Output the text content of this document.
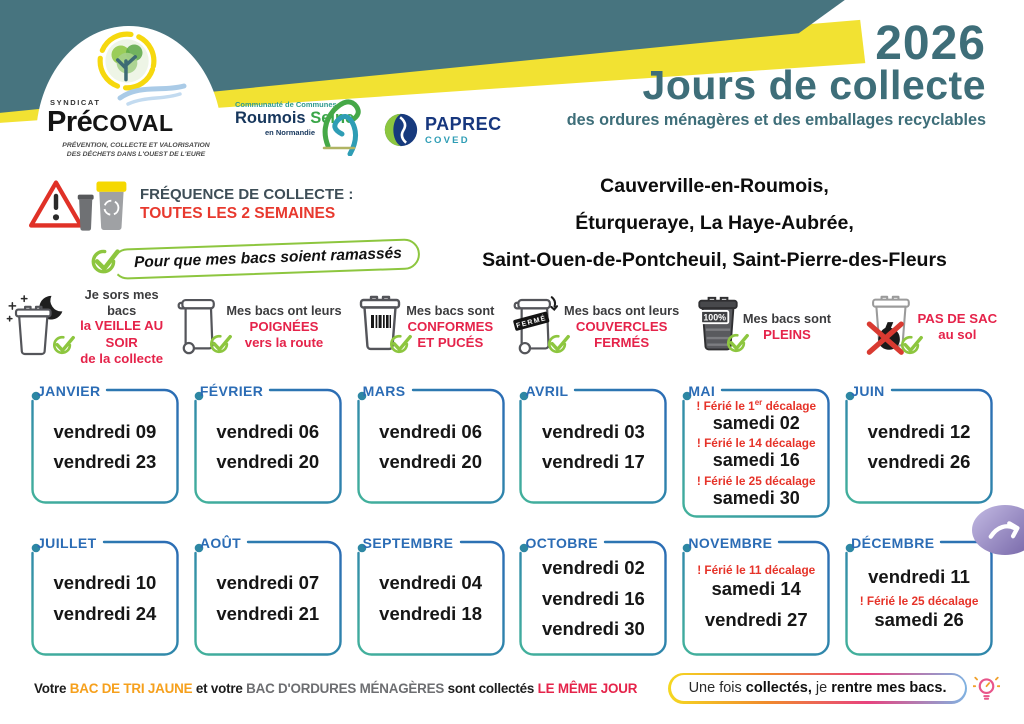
SYNDICAT
Pré COVAL
PRÉVENTION, COLLECTE ET VALORISATION
DES DÉCHETS DANS L'OUEST DE L'EURE
Communauté de Communes
Roumois Seine
en Normandie	PAPREC
COVED
2026
Jours de collecte
des ordures ménagères et des emballages recyclables
FRÉQUENCE DE COLLECTE :
TOUTES LES 2 SEMAINES
Pour que mes bacs soient ramassés
Cauverville-en-Roumois,
Éturqueraye, La Haye-Aubrée,
Saint-Ouen-de-Pontcheuil, Saint-Pierre-des-Fleurs
Je sors mes bacs
la VEILLE AU SOIR
de la collecte
Mes bacs ont leurs
POIGNÉES
vers la route
Mes bacs sont
CONFORMES
ET PUCÉS
FERMÉ
Mes bacs ont leurs
COUVERCLES
FERMÉS
100% Mes bacs sont
PLEINS
PAS DE SAC
au sol
JANVIER
vendredi 09
vendredi 23
FÉVRIER
vendredi 06
vendredi 20
MARS
vendredi 06
vendredi 20
AVRIL
vendredi 03
vendredi 17
MAI
! Férié le 1er décalage
samedi 02
! Férié le 14 décalage
samedi 16
! Férié le 25 décalage
samedi 30
JUIN
vendredi 12
vendredi 26
JUILLET
vendredi 10
vendredi 24
AOÛT
vendredi 07
vendredi 21
SEPTEMBRE
vendredi 04
vendredi 18
OCTOBRE
vendredi 02
vendredi 16
vendredi 30
NOVEMBRE
! Férié le 11 décalage
samedi 14
vendredi 27
DÉCEMBRE
vendredi 11
! Férié le 25 décalage
samedi 26
Votre BAC DE TRI JAUNE et votre BAC D'ORDURES MÉNAGÈRES sont collectés LE MÊME JOUR	Une fois collectés, je rentre mes bacs.
